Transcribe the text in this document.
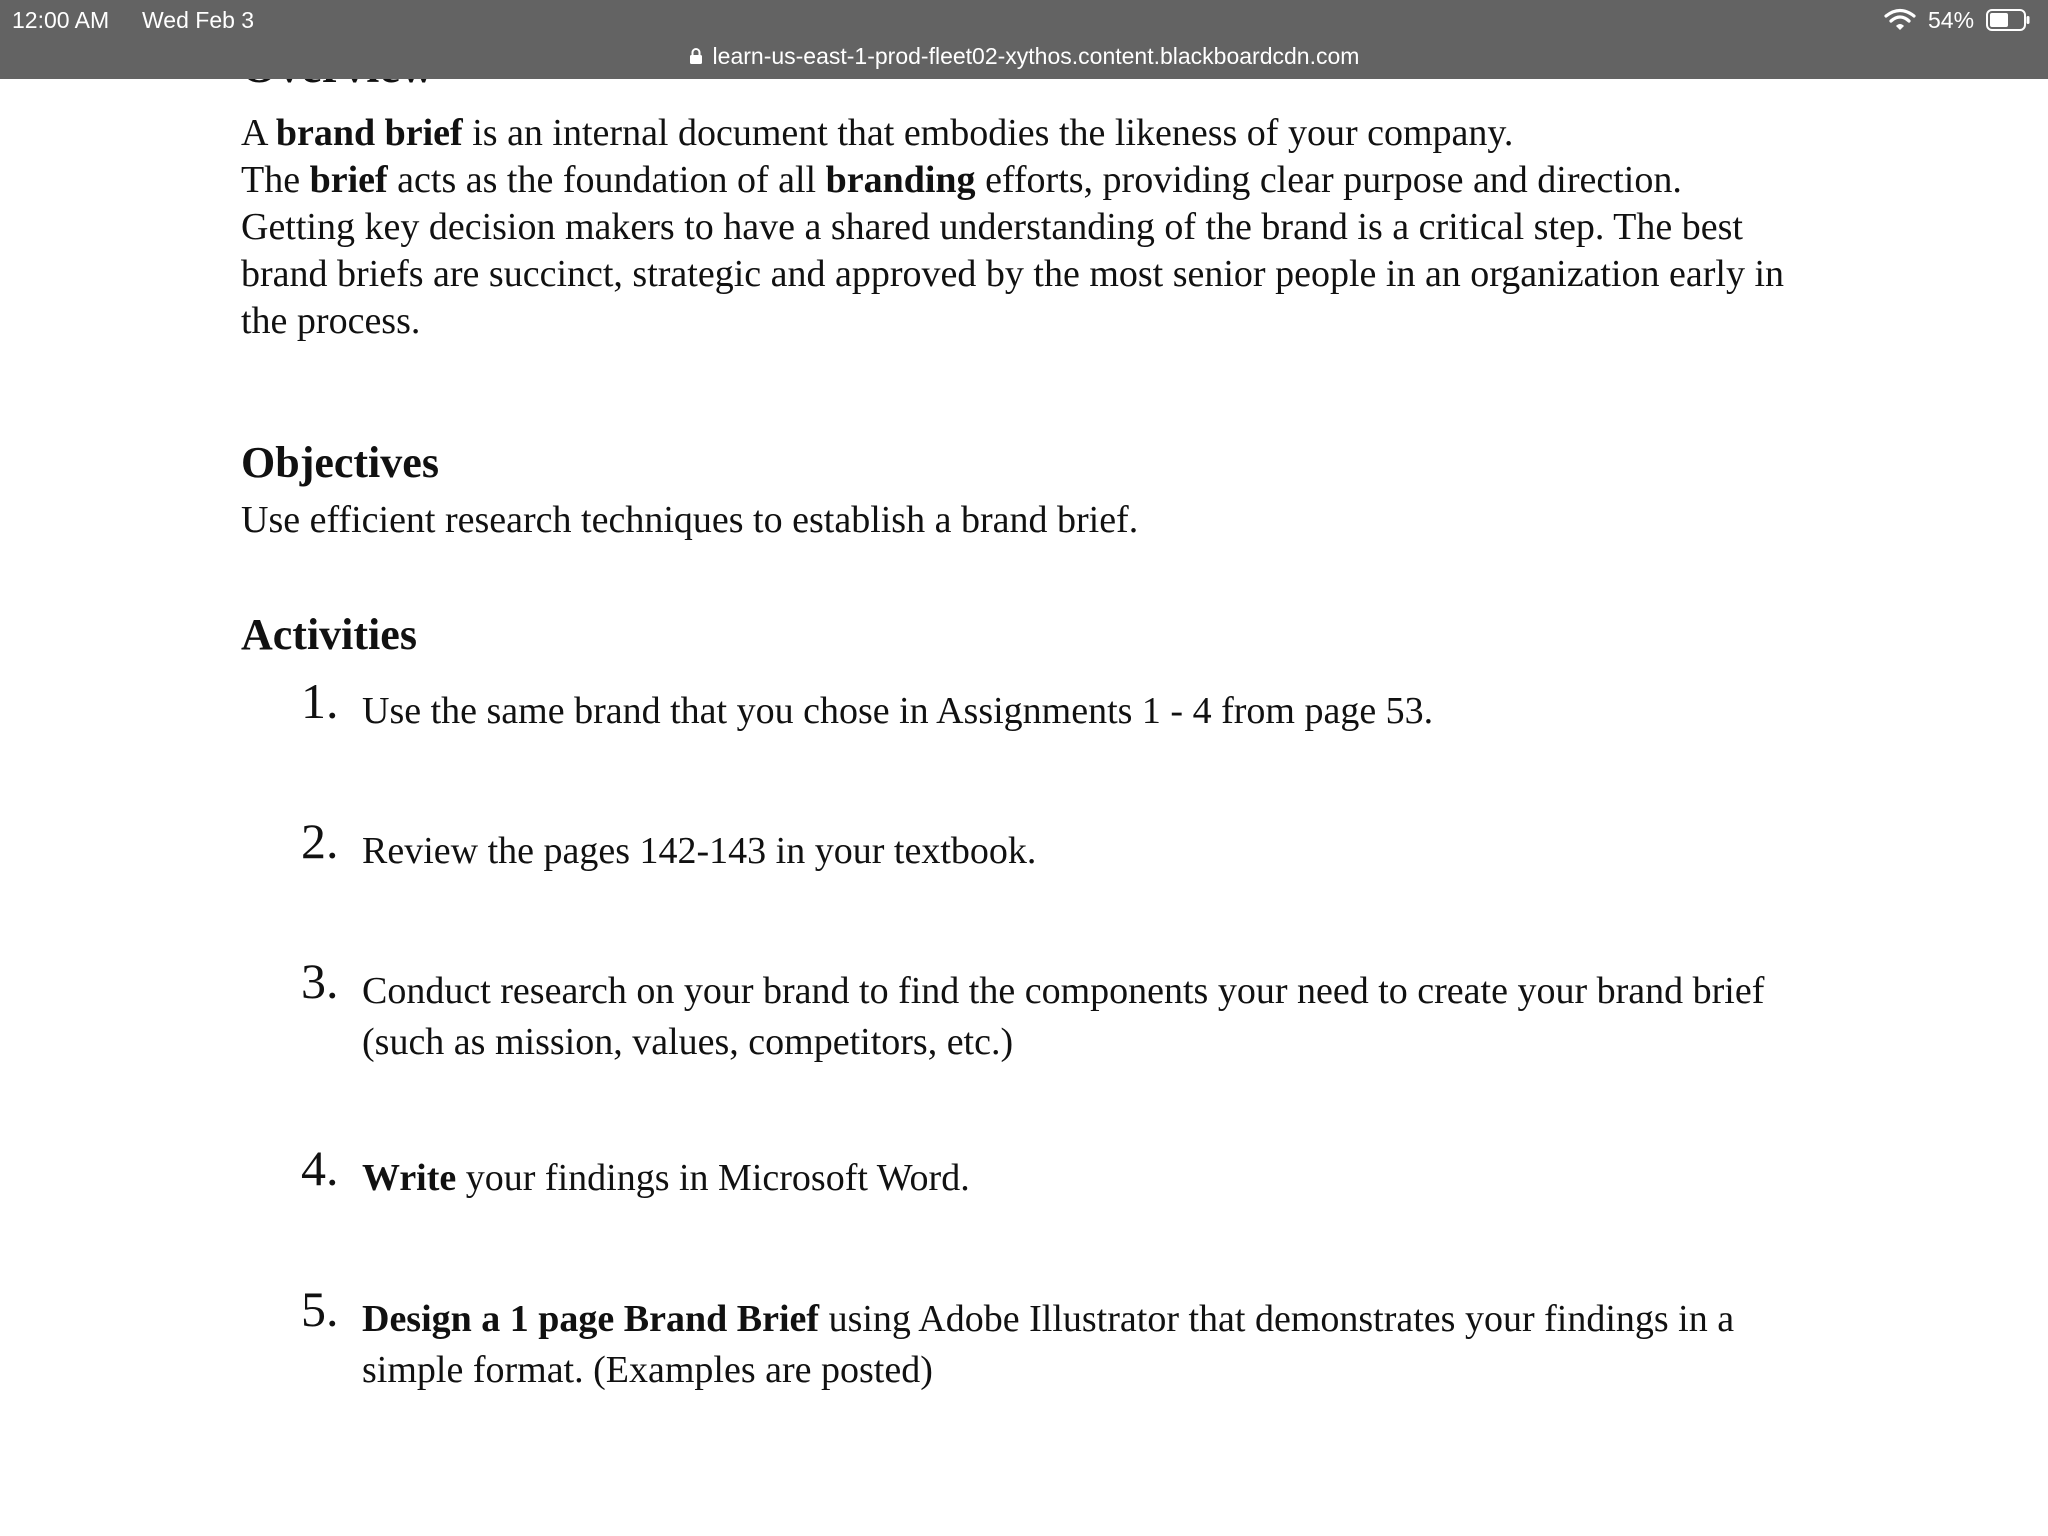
12:00 AM Wed Feb 3	54%
learn-us-east-1-prod-fleet02-xythos.content.blackboardcdn.com

A brand brief is an internal document that embodies the likeness of your company.

The brief acts as the foundation of all branding efforts, providing clear purpose and direction. Getting key decision makers to have a shared understanding of the brand is a critical step. The best brand briefs are succinct, strategic and approved by the most senior people in an organization early in the process.

Objectives
Use efficient research techniques to establish a brand brief.
Activities
1. Use the same brand that you chose in Assignments 1 - 4 from page 53.
2. Review the pages 142-143 in your textbook.
3. Conduct research on your brand to find the components your need to create your brand brief (such as mission, values, competitors, etc.)
4. Write your findings in Microsoft Word.
5. Design a 1 page Brand Brief using Adobe Illustrator that demonstrates your findings in a simple format. (Examples are posted)
